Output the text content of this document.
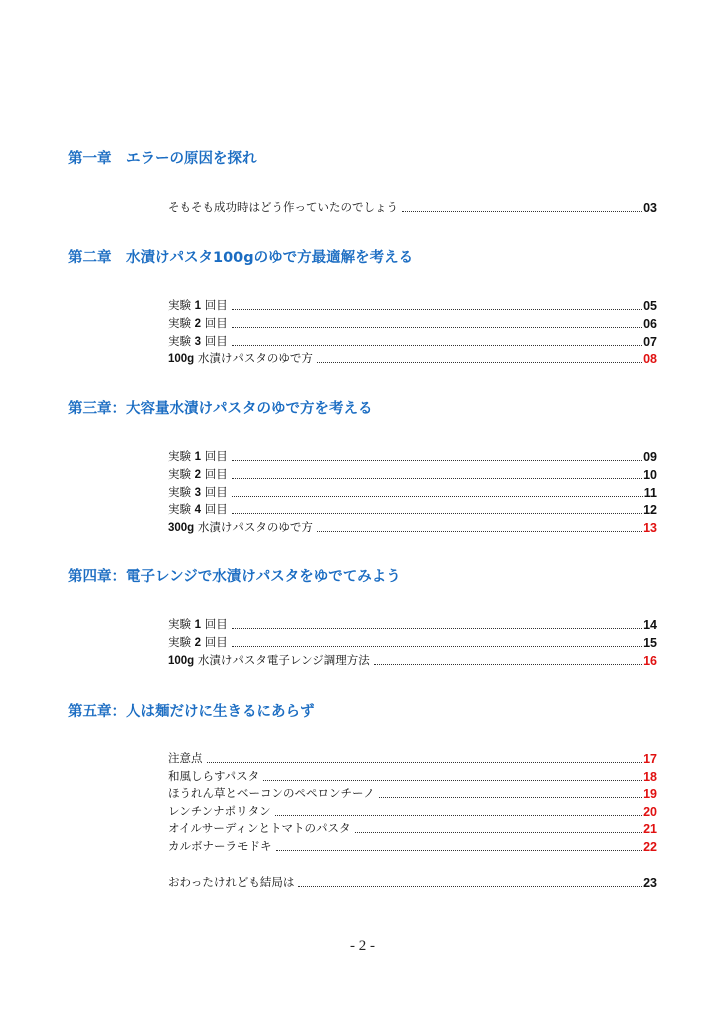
第一章　エラーの原因を探れ
そもそも成功時はどう作っていたのでしょう	03
第二章　水漬けパスタ100gのゆで方最適解を考える
実験 1 回目	05
実験 2 回目	06
実験 3 回目	07
100g 水漬けパスタのゆで方	08
第三章：大容量水漬けパスタのゆで方を考える
実験 1 回目	09
実験 2 回目	10
実験 3 回目	11
実験 4 回目	12
300g 水漬けパスタのゆで方	13
第四章：電子レンジで水漬けパスタをゆでてみよう
実験 1 回目	14
実験 2 回目	15
100g 水漬けパスタ電子レンジ調理方法	16
第五章：人は麺だけに生きるにあらず
注意点	17
和風しらすパスタ	18
ほうれん草とベーコンのペペロンチーノ	19
レンチンナポリタン	20
オイルサーディンとトマトのパスタ	21
カルボナーラモドキ	22
おわったけれども結局は	23
- 2 -
